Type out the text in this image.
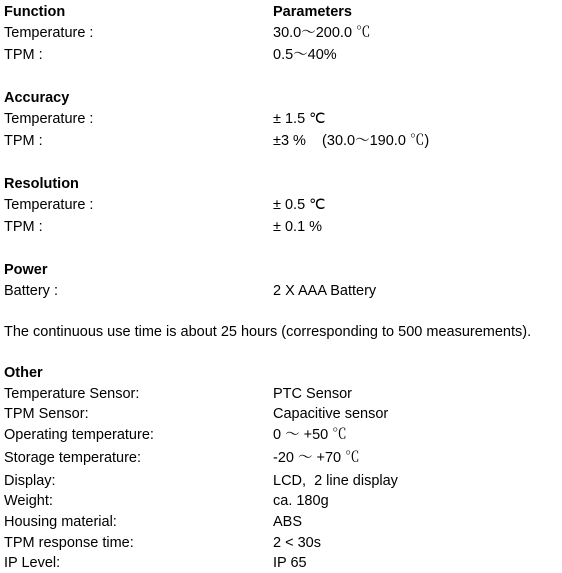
Function	Parameters
Temperature :	30.0～200.0 ℃
TPM :	0.5～40%
Accuracy
Temperature :	± 1.5 ℃
TPM :	±3 %    (30.0～190.0 ℃)
Resolution
Temperature :	± 0.5 ℃
TPM :	± 0.1 %
Power
Battery :	2 X AAA Battery
The continuous use time is about 25 hours (corresponding to 500 measurements).
Other
Temperature Sensor:	PTC Sensor
TPM Sensor:	Capacitive sensor
Operating temperature:	0 ～ +50 ℃
Storage temperature:	-20 ～ +70 ℃
Display:	LCD,  2 line display
Weight:	ca. 180g
Housing material:	ABS
TPM response time:	2 < 30s
IP Level:	IP 65
